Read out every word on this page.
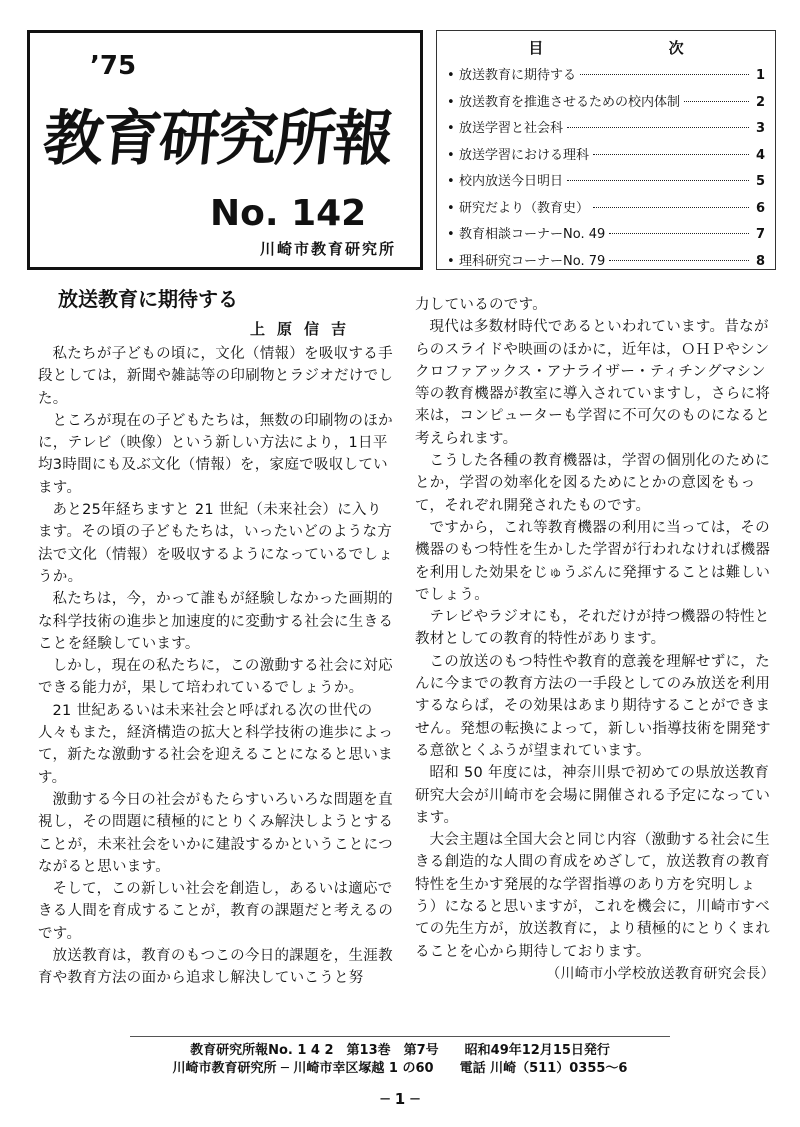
’75
教育研究所報
No. 142
川崎市教育研究所
目 次
• 放送教育に期待する	1
• 放送教育を推進させるための校内体制	2
• 放送学習と社会科	3
• 放送学習における理科	4
• 校内放送今日明日	5
• 研究だより（教育史）	6
• 教育相談コーナーNo. 49	7
• 理科研究コーナーNo. 79	8
放送教育に期待する
上原信吉

私たちが子どもの頃に，文化（情報）を吸収する手段としては，新聞や雑誌等の印刷物とラジオだけでした。

ところが現在の子どもたちは，無数の印刷物のほかに，テレビ（映像）という新しい方法により，1日平均3時間にも及ぶ文化（情報）を，家庭で吸収しています。

あと25年経ちますと 21 世紀（未来社会）に入ります。その頃の子どもたちは，いったいどのような方法で文化（情報）を吸収するようになっているでしょうか。

私たちは，今，かって誰もが経験しなかった画期的な科学技術の進歩と加速度的に変動する社会に生きることを経験しています。

しかし，現在の私たちに，この激動する社会に対応できる能力が，果して培われているでしょうか。

21 世紀あるいは未来社会と呼ばれる次の世代の人々もまた，経済構造の拡大と科学技術の進歩によって，新たな激動する社会を迎えることになると思います。

激動する今日の社会がもたらすいろいろな問題を直視し，その問題に積極的にとりくみ解決しようとすることが，未来社会をいかに建設するかということにつながると思います。

そして，この新しい社会を創造し，あるいは適応できる人間を育成することが，教育の課題だと考えるのです。

放送教育は，教育のもつこの今日的課題を，生涯教育や教育方法の面から追求し解決していこうと努

力しているのです。

現代は多数材時代であるといわれています。昔ながらのスライドや映画のほかに，近年は，ＯＨＰやシンクロファアックス・アナライザー・ティチングマシン等の教育機器が教室に導入されていますし，さらに将来は，コンピューターも学習に不可欠のものになると考えられます。

こうした各種の教育機器は，学習の個別化のためにとか，学習の効率化を図るためにとかの意図をもって，それぞれ開発されたものです。

ですから，これ等教育機器の利用に当っては，その機器のもつ特性を生かした学習が行われなければ機器を利用した効果をじゅうぶんに発揮することは難しいでしょう。

テレビやラジオにも，それだけが持つ機器の特性と教材としての教育的特性があります。

この放送のもつ特性や教育的意義を理解せずに，たんに今までの教育方法の一手段としてのみ放送を利用するならば，その効果はあまり期待することができません。発想の転換によって，新しい指導技術を開発する意欲とくふうが望まれています。

昭和 50 年度には，神奈川県で初めての県放送教育研究大会が川崎市を会場に開催される予定になっています。

大会主題は全国大会と同じ内容（激動する社会に生きる創造的な人間の育成をめざして，放送教育の教育特性を生かす発展的な学習指導のあり方を究明しょう）になると思いますが，これを機会に，川崎市すべての先生方が，放送教育に，より積極的にとりくまれることを心から期待しております。

（川崎市小学校放送教育研究会長）
教育研究所報No. 1 4 2　第13巻　第7号　　昭和49年12月15日発行
川崎市教育研究所 ─ 川崎市幸区塚越 1 の60　　電話 川崎（511）0355～6
─ 1 ─
